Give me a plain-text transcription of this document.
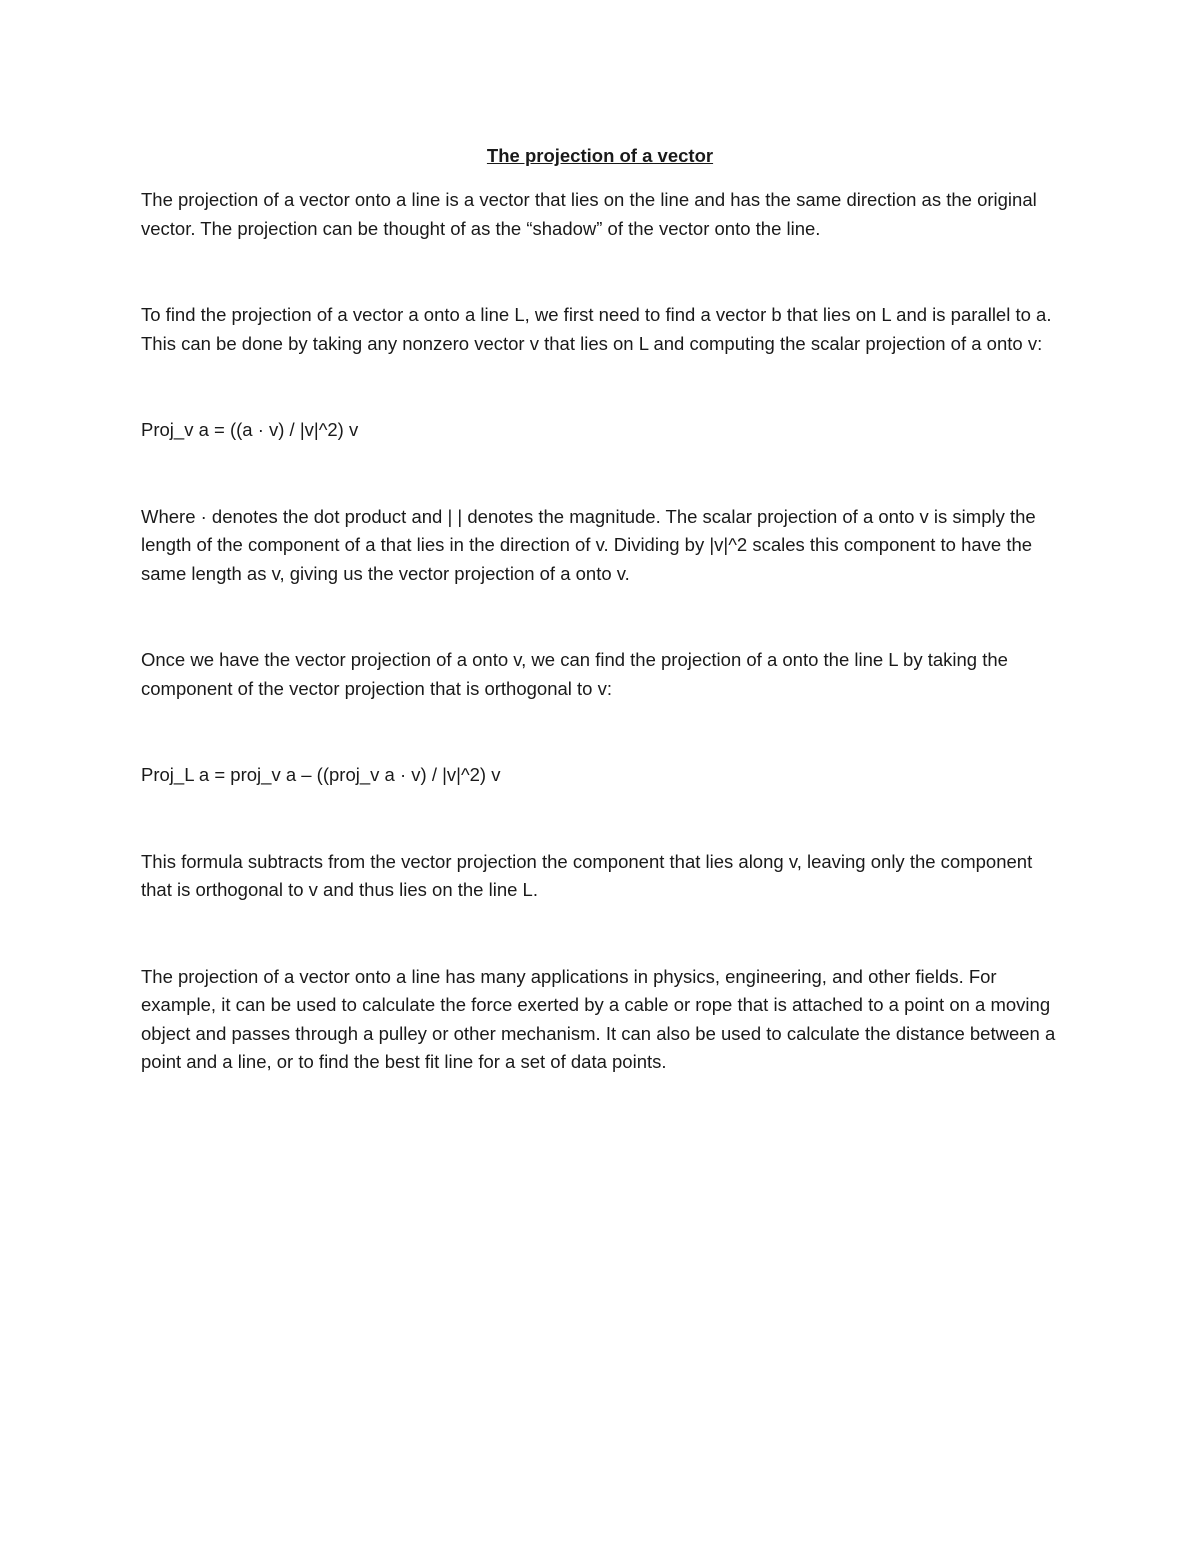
The projection of a vector

The projection of a vector onto a line is a vector that lies on the line and has the same direction as the original vector. The projection can be thought of as the “shadow” of the vector onto the line.

To find the projection of a vector a onto a line L, we first need to find a vector b that lies on L and is parallel to a. This can be done by taking any nonzero vector v that lies on L and computing the scalar projection of a onto v:

Proj_v a = ((a · v) / |v|^2) v

Where · denotes the dot product and | | denotes the magnitude. The scalar projection of a onto v is simply the length of the component of a that lies in the direction of v. Dividing by |v|^2 scales this component to have the same length as v, giving us the vector projection of a onto v.

Once we have the vector projection of a onto v, we can find the projection of a onto the line L by taking the component of the vector projection that is orthogonal to v:

Proj_L a = proj_v a – ((proj_v a · v) / |v|^2) v

This formula subtracts from the vector projection the component that lies along v, leaving only the component that is orthogonal to v and thus lies on the line L.

The projection of a vector onto a line has many applications in physics, engineering, and other fields. For example, it can be used to calculate the force exerted by a cable or rope that is attached to a point on a moving object and passes through a pulley or other mechanism. It can also be used to calculate the distance between a point and a line, or to find the best fit line for a set of data points.
